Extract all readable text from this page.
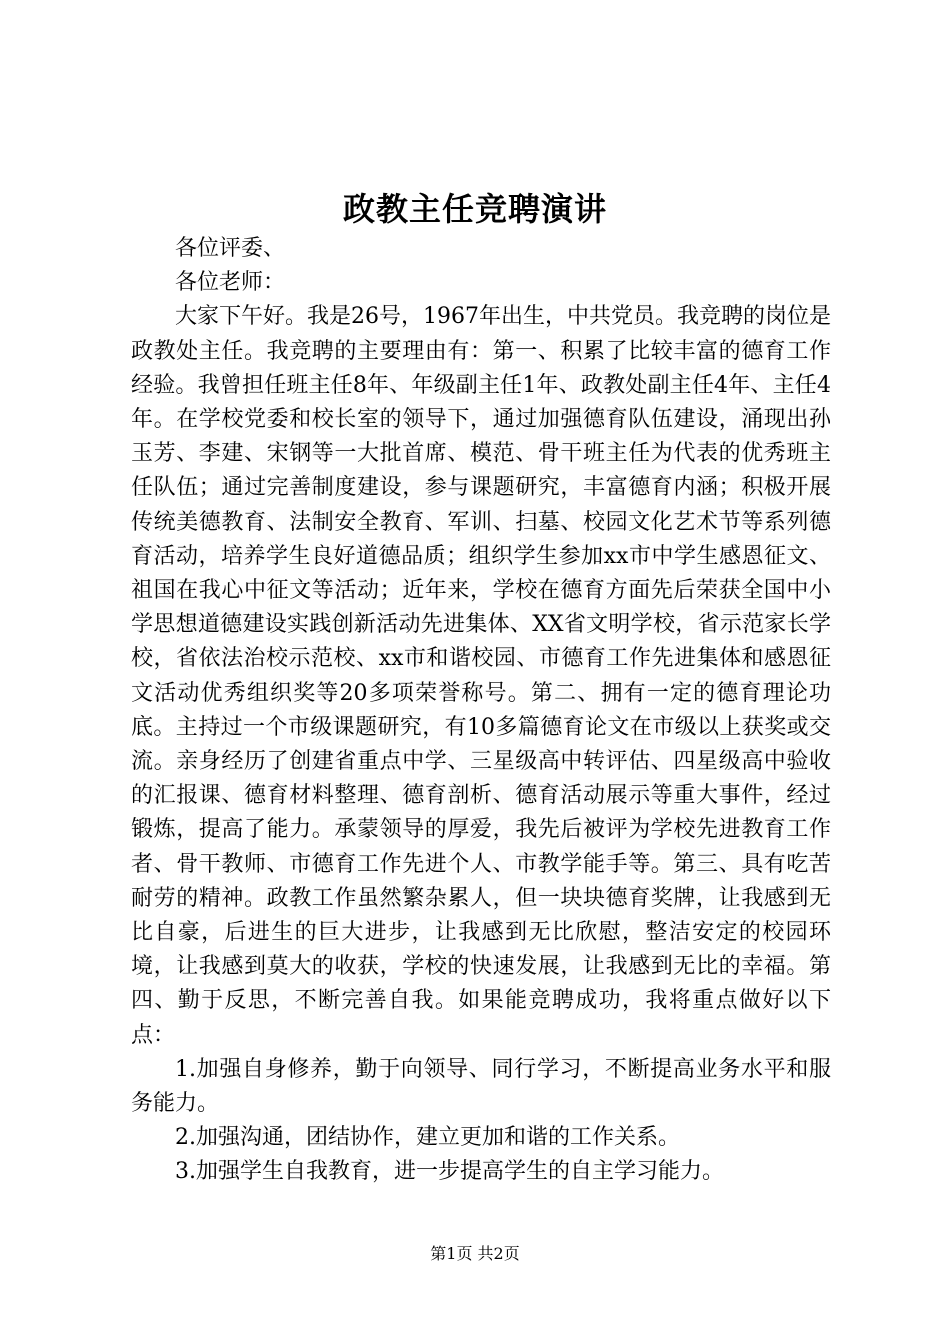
政教主任竞聘演讲

各位评委、

各位老师：

大家下午好。我是26号，1967年出生，中共党员。我竞聘的岗位是政教处主任。我竞聘的主要理由有：第一、积累了比较丰富的德育工作经验。我曾担任班主任8年、年级副主任1年、政教处副主任4年、主任4年。在学校党委和校长室的领导下，通过加强德育队伍建设，涌现出孙玉芳、李建、宋钢等一大批首席、模范、骨干班主任为代表的优秀班主任队伍；通过完善制度建设，参与课题研究，丰富德育内涵；积极开展传统美德教育、法制安全教育、军训、扫墓、校园文化艺术节等系列德育活动，培养学生良好道德品质；组织学生参加xx市中学生感恩征文、祖国在我心中征文等活动；近年来，学校在德育方面先后荣获全国中小学思想道德建设实践创新活动先进集体、XX省文明学校，省示范家长学校，省依法治校示范校、xx市和谐校园、市德育工作先进集体和感恩征文活动优秀组织奖等20多项荣誉称号。第二、拥有一定的德育理论功底。主持过一个市级课题研究，有10多篇德育论文在市级以上获奖或交流。亲身经历了创建省重点中学、三星级高中转评估、四星级高中验收的汇报课、德育材料整理、德育剖析、德育活动展示等重大事件，经过锻炼，提高了能力。承蒙领导的厚爱，我先后被评为学校先进教育工作者、骨干教师、市德育工作先进个人、市教学能手等。第三、具有吃苦耐劳的精神。政教工作虽然繁杂累人，但一块块德育奖牌，让我感到无比自豪，后进生的巨大进步，让我感到无比欣慰，整洁安定的校园环境，让我感到莫大的收获，学校的快速发展，让我感到无比的幸福。第四、勤于反思，不断完善自我。如果能竞聘成功，我将重点做好以下点：

1.加强自身修养，勤于向领导、同行学习，不断提高业务水平和服务能力。

2.加强沟通，团结协作，建立更加和谐的工作关系。

3.加强学生自我教育，进一步提高学生的自主学习能力。

第1页 共2页
